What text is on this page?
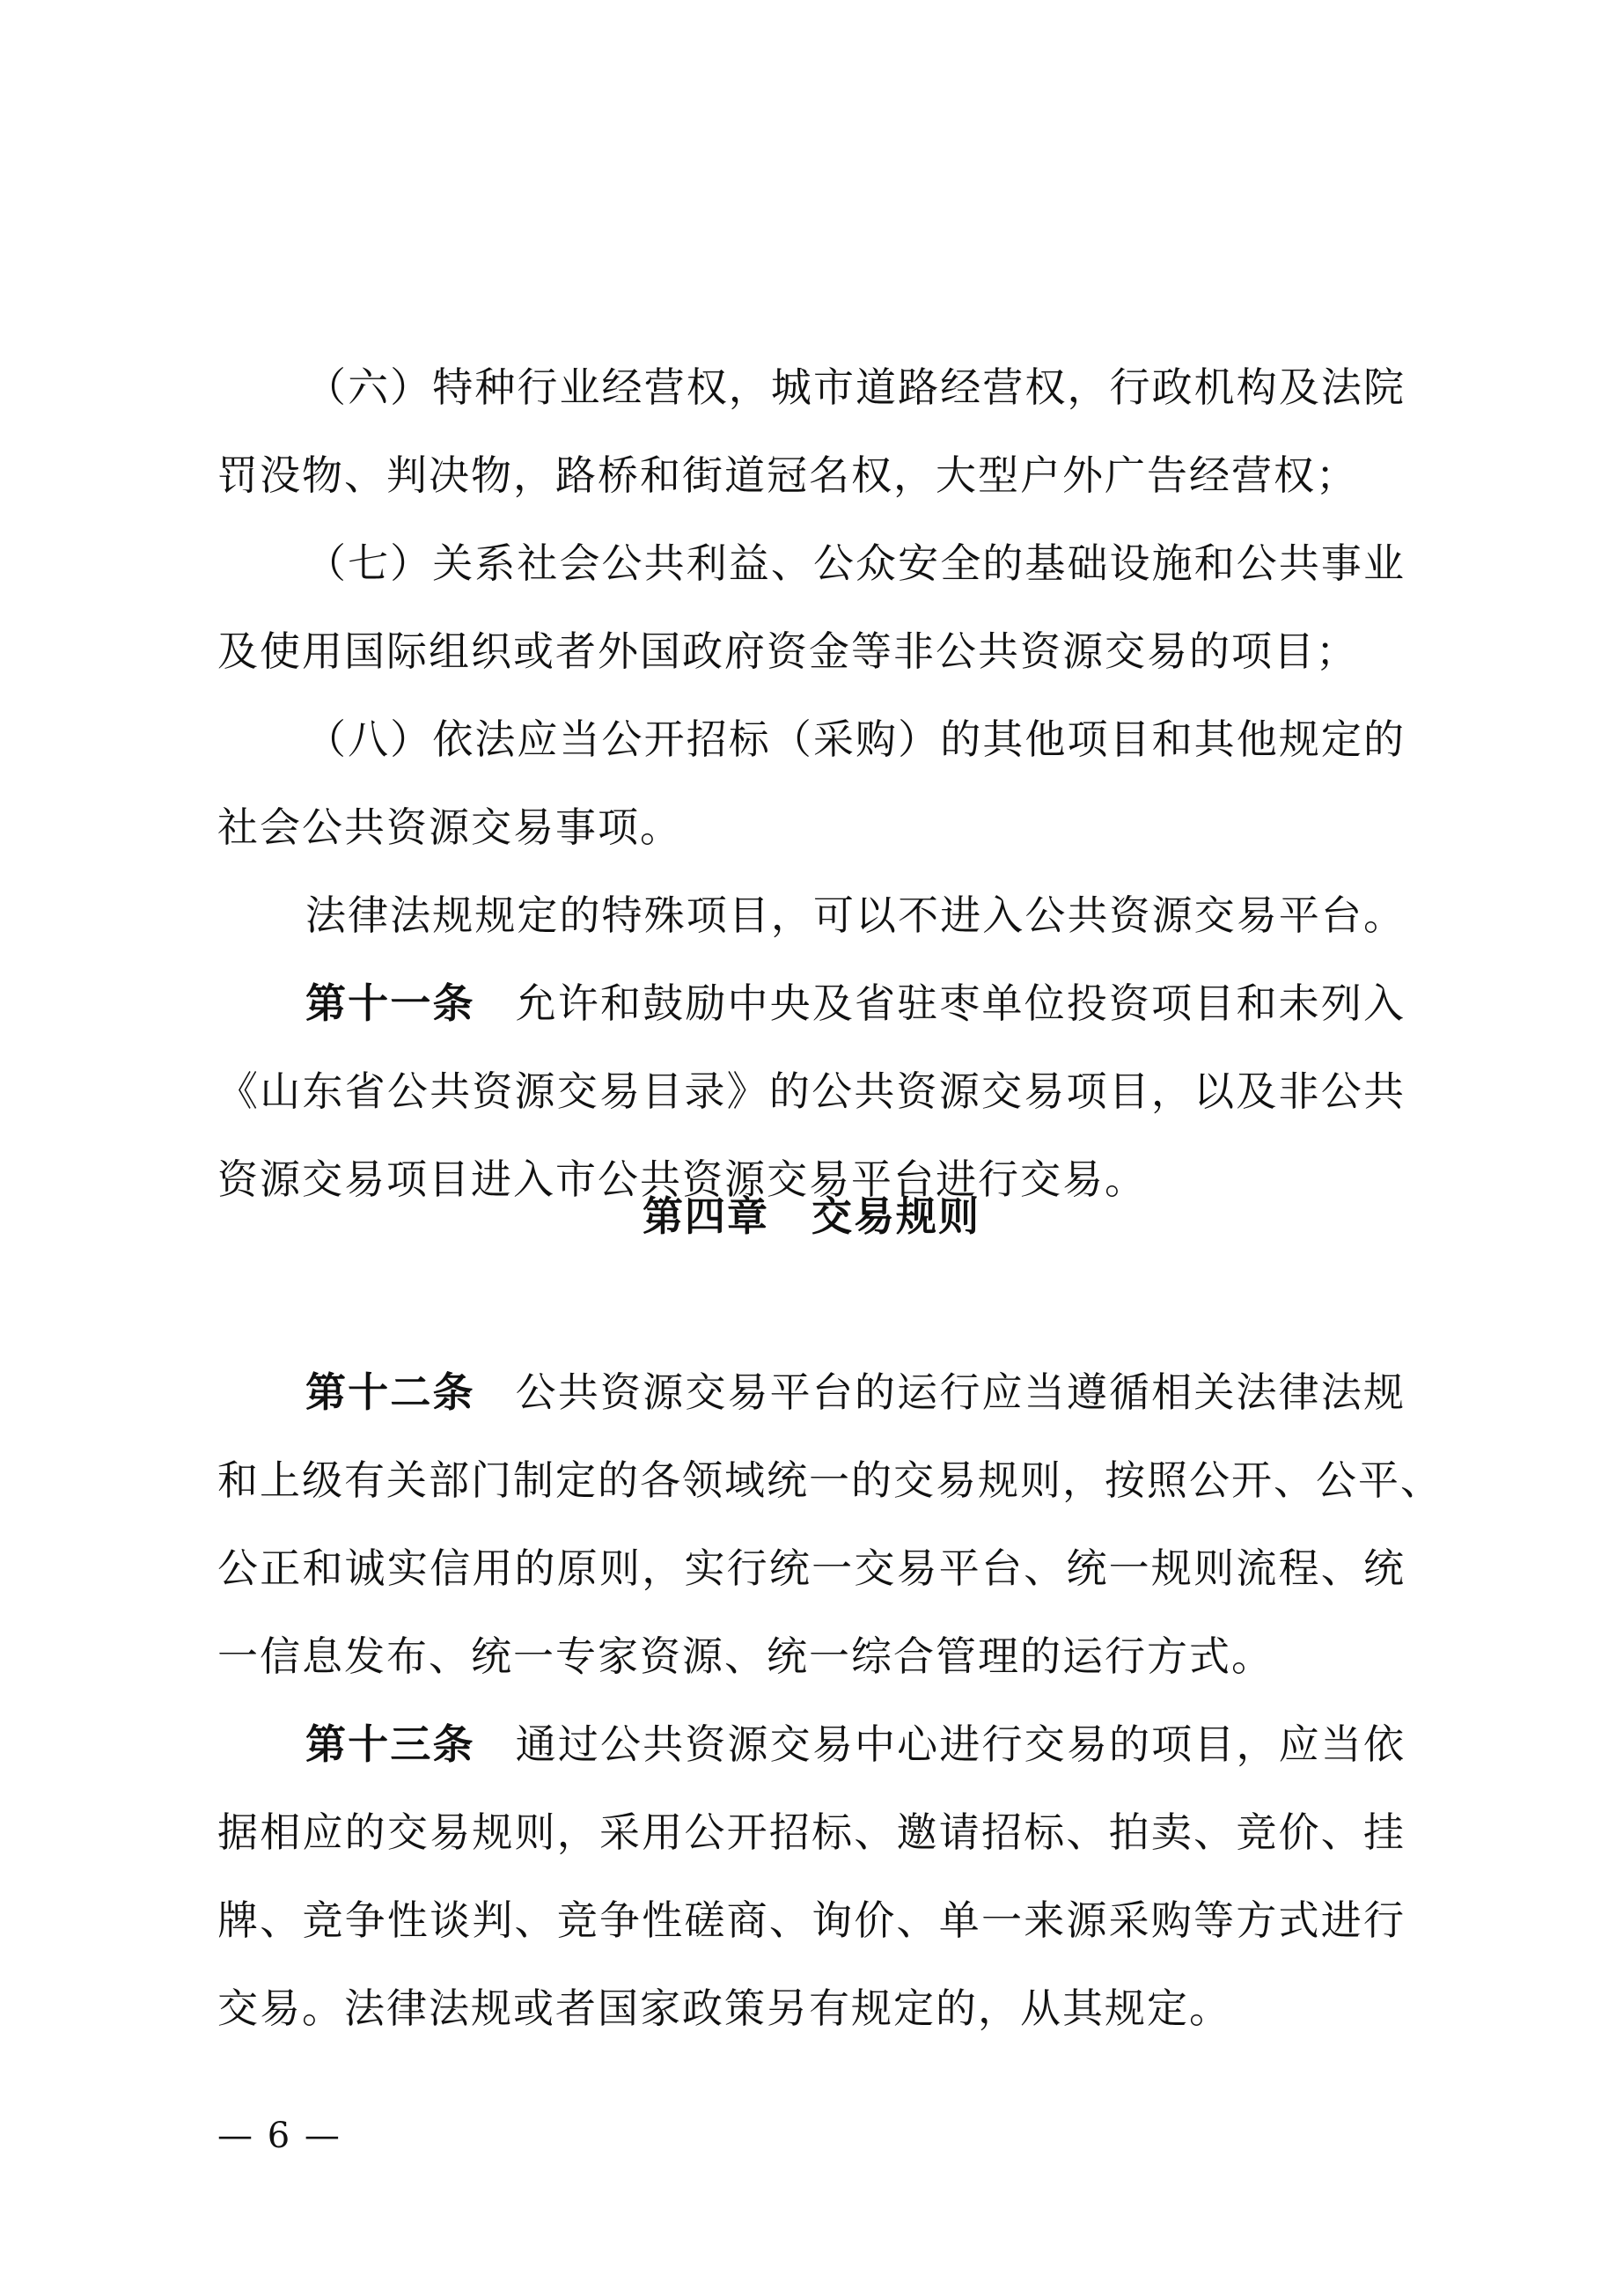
（六）特种行业经营权，城市道路经营权，行政机构及法院
罚没物、判决物，路桥和街道冠名权，大型户外广告经营权；
（七）关系社会公共利益、公众安全的基础设施和公共事业
及使用国际组织或者外国政府资金等非公共资源交易的项目；
（八）依法应当公开招标（采购）的其他项目和其他规定的
社会公共资源交易事项。
法律法规规定的特殊项目，可以不进入公共资源交易平台。
第十一条 允许和鼓励中央及省驻枣单位投资项目和未列入
《山东省公共资源交易目录》的公共资源交易项目，以及非公共
资源交易项目进入市公共资源交易平台进行交易。
第四章 交易规则
第十二条 公共资源交易平台的运行应当遵循相关法律法规
和上级有关部门制定的各领域统一的交易规则，按照公开、公平、
公正和诚实信用的原则，实行统一交易平台、统一规则流程、统
一信息发布、统一专家资源、统一综合管理的运行方式。
第十三条 通过公共资源交易中心进行交易的项目，应当依
据相应的交易规则，采用公开招标、邀请招标、拍卖、竞价、挂
牌、竞争性谈判、竞争性磋商、询价、单一来源采购等方式进行
交易。法律法规或者国家政策另有规定的，从其规定。
— 6 —
